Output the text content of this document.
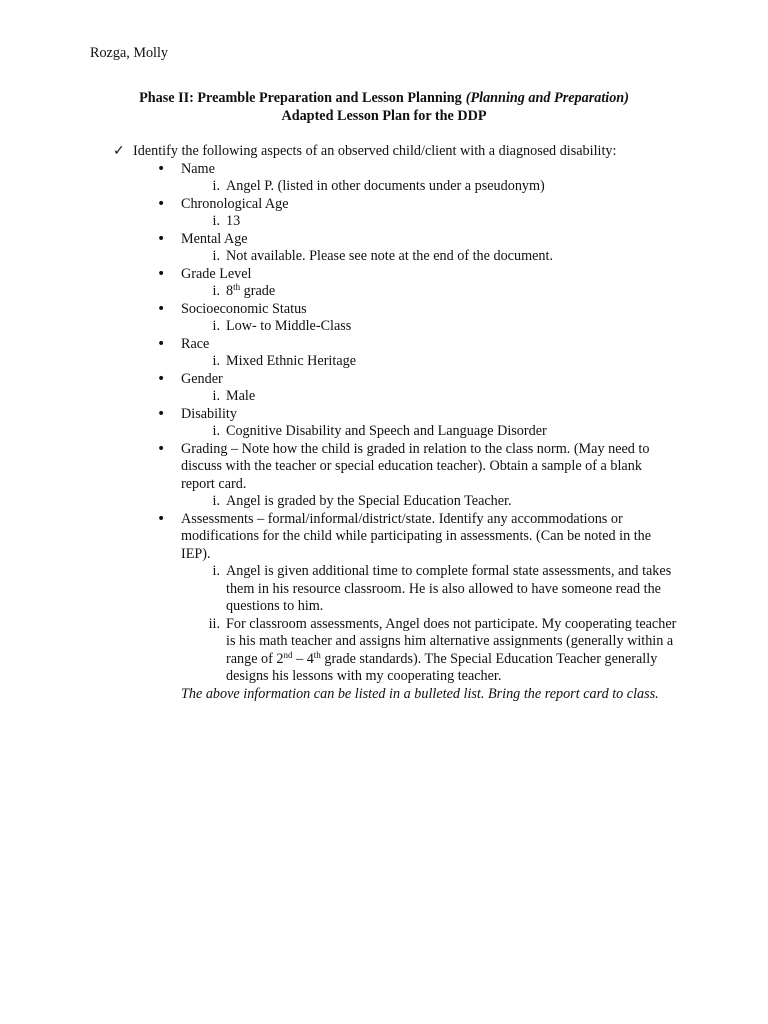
Rozga, Molly
Phase II: Preamble Preparation and Lesson Planning (Planning and Preparation)
Adapted Lesson Plan for the DDP
✓ Identify the following aspects of an observed child/client with a diagnosed disability:
•	Name
i. Angel P. (listed in other documents under a pseudonym)
•	Chronological Age
i. 13
•	Mental Age
i. Not available. Please see note at the end of the document.
•	Grade Level
i. 8th grade
•	Socioeconomic Status
i. Low- to Middle-Class
•	Race
i. Mixed Ethnic Heritage
•	Gender
i. Male
•	Disability
i. Cognitive Disability and Speech and Language Disorder
•	Grading – Note how the child is graded in relation to the class norm. (May need to discuss with the teacher or special education teacher). Obtain a sample of a blank report card.
i. Angel is graded by the Special Education Teacher.
•	Assessments – formal/informal/district/state. Identify any accommodations or modifications for the child while participating in assessments. (Can be noted in the IEP).
i. Angel is given additional time to complete formal state assessments, and takes them in his resource classroom. He is also allowed to have someone read the questions to him.
ii. For classroom assessments, Angel does not participate. My cooperating teacher is his math teacher and assigns him alternative assignments (generally within a range of 2nd – 4th grade standards). The Special Education Teacher generally designs his lessons with my cooperating teacher.
The above information can be listed in a bulleted list. Bring the report card to class.
